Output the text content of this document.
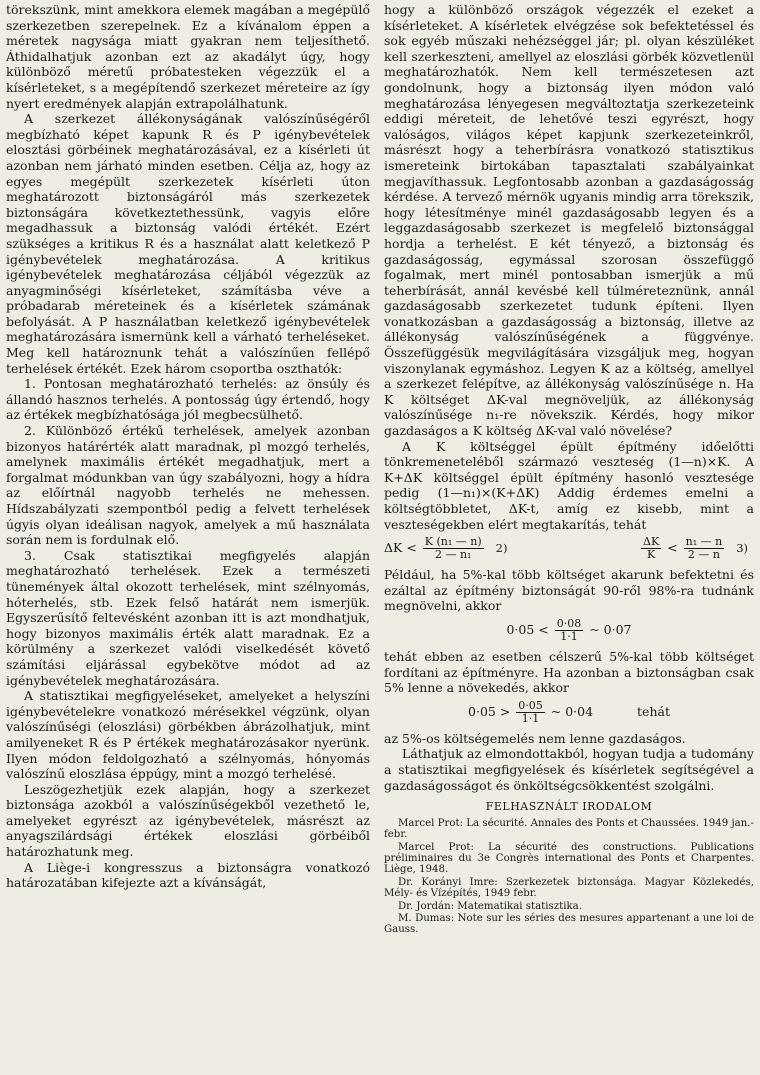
törekszünk, mint amekkora elemek magában a megépülő szerkezetben szerepelnek. Ez a kívánalom éppen a méretek nagysága miatt gyakran nem teljesíthető. Áthidalhatjuk azonban ezt az akadályt úgy, hogy különböző méretű próbatesteken végezzük el a kísérleteket, s a megépítendő szerkezet méreteire az így nyert eredmények alapján extrapolálhatunk.

A szerkezet állékonyságának valószínűségéről megbízható képet kapunk R és P igénybevételek elosztási görbéinek meghatározásával, ez a kísérleti út azonban nem járható minden esetben. Célja az, hogy az egyes megépült szerkezetek kísérleti úton meghatározott biztonságáról más szerkezetek biztonságára következtethessünk, vagyis előre megadhassuk a biztonság valódi értékét. Ezért szükséges a kritikus R és a használat alatt keletkező P igénybevételek meghatározása. A kritikus igénybevételek meghatározása céljából végezzük az anyagminőségi kísérleteket, számításba véve a próbadarab méreteinek és a kísérletek számának befolyását. A P használatban keletkező igénybevételek meghatározására ismernünk kell a várható terheléseket. Meg kell határoznunk tehát a valószínűen fellépő terhelések értékét. Ezek három csoportba oszthatók:

1. Pontosan meghatározható terhelés: az önsúly és állandó hasznos terhelés. A pontosság úgy értendő, hogy az értékek megbízhatósága jól megbecsülhető.

2. Különböző értékű terhelések, amelyek azonban bizonyos határérték alatt maradnak, pl mozgó terhelés, amelynek maximális értékét megadhatjuk, mert a forgalmat módunkban van úgy szabályozni, hogy a hídra az előírtnál nagyobb terhelés ne mehessen. Hídszabályzati szempontból pedig a felvett terhelések úgyis olyan ideálisan nagyok, amelyek a mű használata során nem is fordulnak elő.

3. Csak statisztikai megfigyelés alapján meghatározható terhelések. Ezek a természeti tünemények által okozott terhelések, mint szélnyomás, hóterhelés, stb. Ezek felső határát nem ismerjük. Egyszerűsítő feltevésként azonban itt is azt mondhatjuk, hogy bizonyos maximális érték alatt maradnak. Ez a körülmény a szerkezet valódi viselkedését követő számítási eljárással egybekötve módot ad az igénybevételek meghatározására.

A statisztikai megfigyeléseket, amelyeket a helyszíni igénybevételekre vonatkozó mérésekkel végzünk, olyan valószínűségi (eloszlási) görbékben ábrázolhatjuk, mint amilyeneket R és P értékek meghatározásakor nyerünk. Ilyen módon feldolgozható a szélnyomás, hónyomás valószínű eloszlása éppúgy, mint a mozgó terhelésé.

Leszögezhetjük ezek alapján, hogy a szerkezet biztonsága azokból a valószínűségekből vezethető le, amelyeket egyrészt az igénybevételek, másrészt az anyagszilárdsági értékek eloszlási görbéiből határozhatunk meg.

A Liège-i kongresszus a biztonságra vonatkozó határozatában kifejezte azt a kívánságát,

hogy a különböző országok végezzék el ezeket a kísérleteket. A kísérletek elvégzése sok befektetéssel és sok egyéb műszaki nehézséggel jár; pl. olyan készüléket kell szerkeszteni, amellyel az eloszlási görbék közvetlenül meghatározhatók. Nem kell természetesen azt gondolnunk, hogy a biztonság ilyen módon való meghatározása lényegesen megváltoztatja szerkezeteink eddigi méreteit, de lehetővé teszi egyrészt, hogy valóságos, világos képet kapjunk szerkezeteinkről, másrészt hogy a teherbírásra vonatkozó statisztikus ismereteink birtokában tapasztalati szabályainkat megjavíthassuk. Legfontosabb azonban a gazdaságosság kérdése. A tervező mérnök ugyanis mindig arra törekszik, hogy létesítménye minél gazdaságosabb legyen és a leggazdaságosabb szerkezet is megfelelő biztonsággal hordja a terhelést. E két tényező, a biztonság és gazdaságosság, egymással szorosan összefüggő fogalmak, mert minél pontosabban ismerjük a mű teherbírását, annál kevésbé kell túlméreteznünk, annál gazdaságosabb szerkezetet tudunk építeni. Ilyen vonatkozásban a gazdaságosság a biztonság, illetve az állékonyság valószínűségének a függvénye. Összefüggésük megvilágítására vizsgáljuk meg, hogyan viszonylanak egymáshoz. Legyen K az a költség, amellyel a szerkezet felépítve, az állékonyság valószínűsége n. Ha K költséget ΔK-val megnöveljük, az állékonyság valószínűsége n₁-re növekszik. Kérdés, hogy mikor gazdaságos a K költség ΔK-val való növelése?

A K költséggel épült építmény időelőtti tönkremeneteléből származó veszteség (1—n)×K. A K+ΔK költséggel épült építmény hasonló vesztesége pedig (1—n₁)×(K+ΔK) Addig érdemes emelni a költségtöbbletet, ΔK-t, amíg ez kisebb, mint a veszteségekben elért megtakarítás, tehát

$\Delta K < \frac{\text{K (n₁ — n)}}{\text{2 — n₁}} 2$)	$\frac{\Delta K}{K} < \frac{\text{n₁ — n}}{2 — n} 3$)

Például, ha 5%-kal több költséget akarunk befektetni és ezáltal az építmény biztonságát 90-ről 98%-ra tudnánk megnövelni, akkor

$0\cdot 05 < \frac{0\cdot 08}{1\cdot 1}$ ~ 0·07

tehát ebben az esetben célszerű 5%-kal több költséget fordítani az építményre. Ha azonban a biztonságban csak 5% lenne a növekedés, akkor

$0\cdot 05 > \frac{0\cdot 05}{1\cdot 1}$ ~ 0·04	tehát

az 5%-os költségemelés nem lenne gazdaságos.

Láthatjuk az elmondottakból, hogyan tudja a tudomány a statisztikai megfigyelések és kísérletek segítségével a gazdaságosságot és önköltségcsökkentést szolgálni.

FELHASZNÁLT IRODALOM

Marcel Prot: La sécurité. Annales des Ponts et Chaussées. 1949 jan.-febr.

Marcel Prot: La sécurité des constructions. Publications préliminaires du 3e Congrès international des Ponts et Charpentes. Liège, 1948.

Dr. Korányi Imre: Szerkezetek biztonsága. Magyar Közlekedés, Mély- és Vízépítés, 1949 febr.

Dr. Jordán: Matematikai statisztika.

M. Dumas: Note sur les séries des mesures appartenant a une loi de Gauss.
